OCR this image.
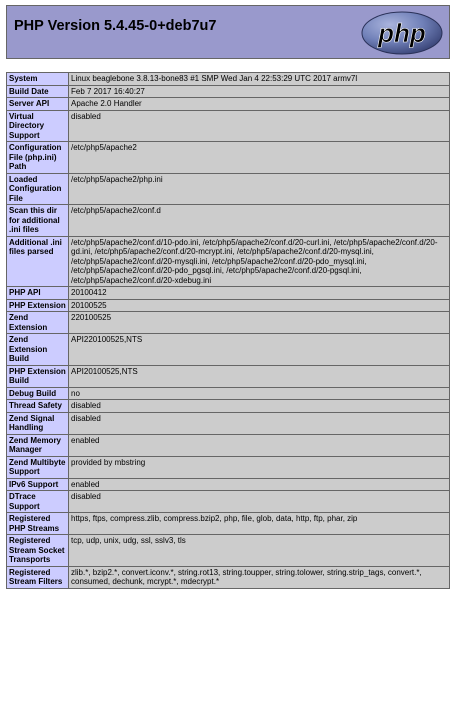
PHP Version 5.4.45-0+deb7u7	php
System	Linux beaglebone 3.8.13-bone83 #1 SMP Wed Jan 4 22:53:29 UTC 2017 armv7l
Build Date	Feb 7 2017 16:40:27
Server API	Apache 2.0 Handler
Virtual Directory Support	disabled
Configuration File (php.ini) Path	/etc/php5/apache2
Loaded Configuration File	/etc/php5/apache2/php.ini
Scan this dir for additional .ini files	/etc/php5/apache2/conf.d
Additional .ini files parsed	/etc/php5/apache2/conf.d/10-pdo.ini, /etc/php5/apache2/conf.d/20-curl.ini, /etc/php5/apache2/conf.d/20-gd.ini, /etc/php5/apache2/conf.d/20-mcrypt.ini, /etc/php5/apache2/conf.d/20-mysql.ini, /etc/php5/apache2/conf.d/20-mysqli.ini, /etc/php5/apache2/conf.d/20-pdo_mysql.ini, /etc/php5/apache2/conf.d/20-pdo_pgsql.ini, /etc/php5/apache2/conf.d/20-pgsql.ini, /etc/php5/apache2/conf.d/20-xdebug.ini
PHP API	20100412
PHP Extension	20100525
Zend Extension	220100525
Zend Extension Build	API220100525,NTS
PHP Extension Build	API20100525,NTS
Debug Build	no
Thread Safety	disabled
Zend Signal Handling	disabled
Zend Memory Manager	enabled
Zend Multibyte Support	provided by mbstring
IPv6 Support	enabled
DTrace Support	disabled
Registered PHP Streams	https, ftps, compress.zlib, compress.bzip2, php, file, glob, data, http, ftp, phar, zip
Registered Stream Socket Transports	tcp, udp, unix, udg, ssl, sslv3, tls
Registered Stream Filters	zlib.*, bzip2.*, convert.iconv.*, string.rot13, string.toupper, string.tolower, string.strip_tags, convert.*, consumed, dechunk, mcrypt.*, mdecrypt.*
